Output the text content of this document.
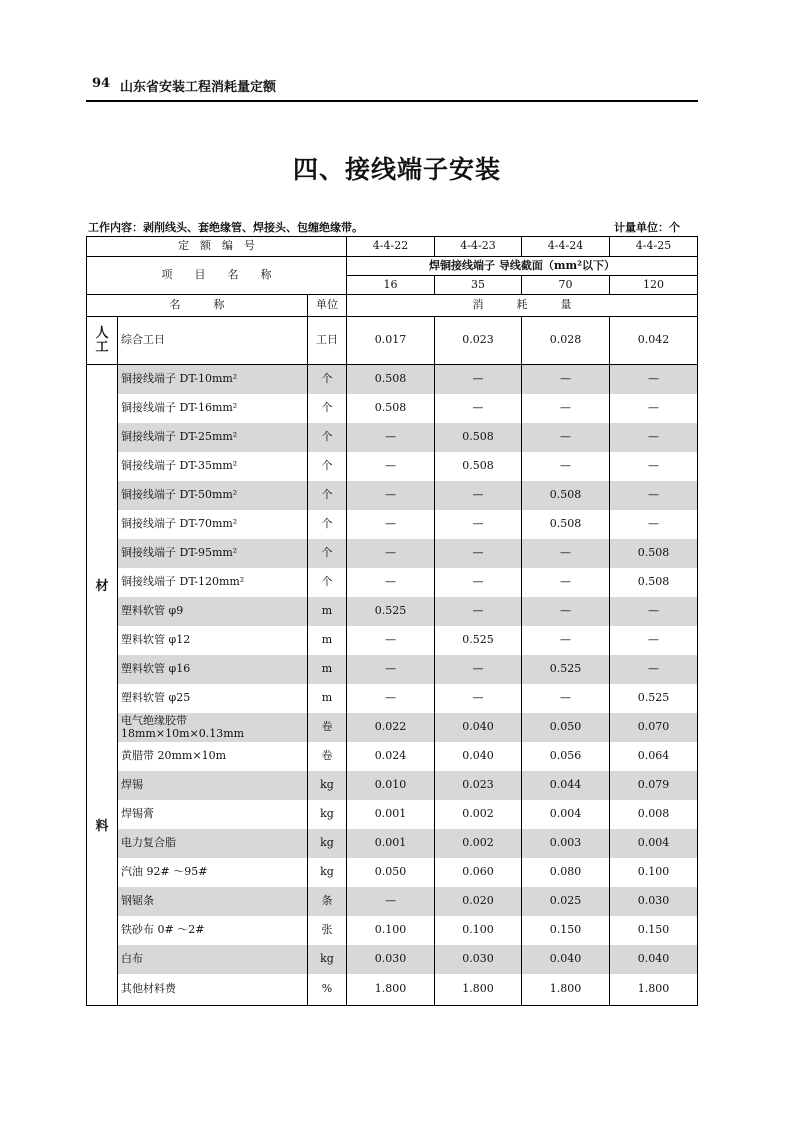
94 山东省安装工程消耗量定额
四、接线端子安装
工作内容：剥削线头、套绝缘管、焊接头、包缠绝缘带。	计量单位：个
定　额　编　号			4-4-22	4-4-23	4-4-24	4-4-25
项　　目　　名　　称			焊铜接线端子 导线截面（mm²以下）			
			16	35	70	120
名　　　称		单位	消　　　耗　　　量			
人工	综合工日	工日	0.017	0.023	0.028	0.042

材
料	铜接线端子 DT-10mm²	个	0.508	—	—	—
	铜接线端子 DT-16mm²	个	0.508	—	—	—
	铜接线端子 DT-25mm²	个	—	0.508	—	—
	铜接线端子 DT-35mm²	个	—	0.508	—	—
	铜接线端子 DT-50mm²	个	—	—	0.508	—
	铜接线端子 DT-70mm²	个	—	—	0.508	—
	铜接线端子 DT-95mm²	个	—	—	—	0.508
	铜接线端子 DT-120mm²	个	—	—	—	0.508
	塑料软管 φ9	m	0.525	—	—	—
	塑料软管 φ12	m	—	0.525	—	—
	塑料软管 φ16	m	—	—	0.525	—
	塑料软管 φ25	m	—	—	—	0.525
	电气绝缘胶带 18mm×10m×0.13mm	卷	0.022	0.040	0.050	0.070
	黄腊带 20mm×10m	卷	0.024	0.040	0.056	0.064
	焊锡	kg	0.010	0.023	0.044	0.079
	焊锡膏	kg	0.001	0.002	0.004	0.008
	电力复合脂	kg	0.001	0.002	0.003	0.004
	汽油 92# ～95#	kg	0.050	0.060	0.080	0.100
	钢锯条	条	—	0.020	0.025	0.030
	铁砂布 0# ～2#	张	0.100	0.100	0.150	0.150
	白布	kg	0.030	0.030	0.040	0.040
	其他材料费	%	1.800	1.800	1.800	1.800
